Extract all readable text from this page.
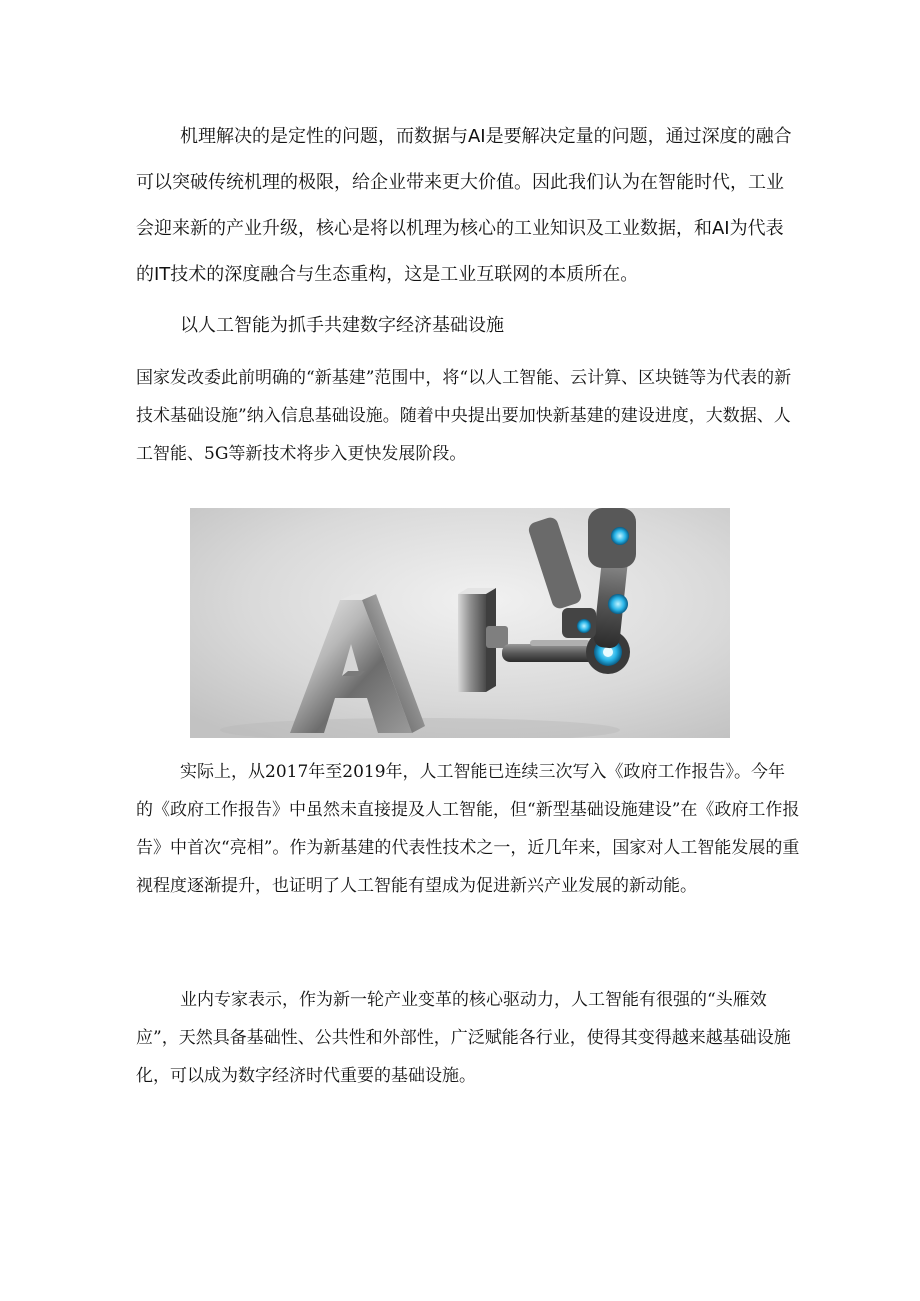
机理解决的是定性的问题，而数据与AI是要解决定量的问题，通过深度的融合可以突破传统机理的极限，给企业带来更大价值。因此我们认为在智能时代，工业会迎来新的产业升级，核心是将以机理为核心的工业知识及工业数据，和AI为代表的IT技术的深度融合与生态重构，这是工业互联网的本质所在。

以人工智能为抓手共建数字经济基础设施

国家发改委此前明确的“新基建”范围中，将“以人工智能、云计算、区块链等为代表的新技术基础设施”纳入信息基础设施。随着中央提出要加快新基建的建设进度，大数据、人工智能、5G等新技术将步入更快发展阶段。

实际上，从2017年至2019年，人工智能已连续三次写入《政府工作报告》。今年的《政府工作报告》中虽然未直接提及人工智能，但“新型基础设施建设”在《政府工作报告》中首次“亮相”。作为新基建的代表性技术之一，近几年来，国家对人工智能发展的重视程度逐渐提升，也证明了人工智能有望成为促进新兴产业发展的新动能。

业内专家表示，作为新一轮产业变革的核心驱动力，人工智能有很强的“头雁效应”，天然具备基础性、公共性和外部性，广泛赋能各行业，使得其变得越来越基础设施化，可以成为数字经济时代重要的基础设施。
